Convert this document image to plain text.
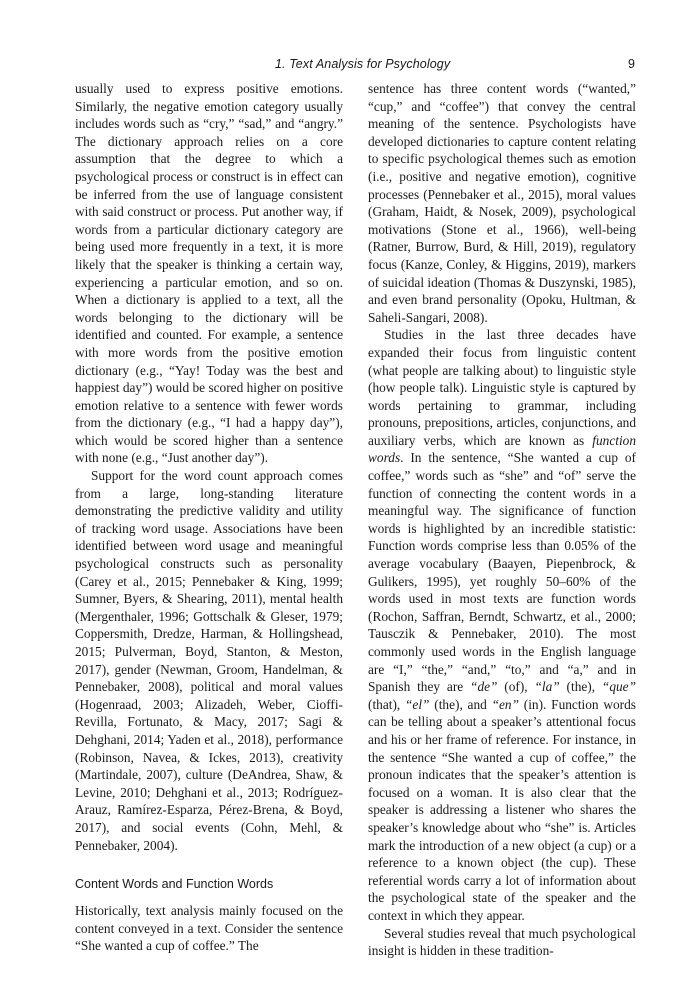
1. Text Analysis for Psychology	9

usually used to express positive emotions. Similarly, the negative emotion category usually includes words such as “cry,” “sad,” and “angry.” The dictionary approach relies on a core assumption that the degree to which a psychological process or construct is in effect can be inferred from the use of language consistent with said construct or process. Put another way, if words from a particular dictionary category are being used more frequently in a text, it is more likely that the speaker is thinking a certain way, experiencing a particular emotion, and so on. When a dictionary is applied to a text, all the words belonging to the dictionary will be identified and counted. For example, a sentence with more words from the positive emotion dictionary (e.g., “Yay! Today was the best and happiest day”) would be scored higher on positive emotion relative to a sentence with fewer words from the dictionary (e.g., “I had a happy day”), which would be scored higher than a sentence with none (e.g., “Just another day”).

Support for the word count approach comes from a large, long-standing literature demonstrating the predictive validity and utility of tracking word usage. Associations have been identified between word usage and meaningful psychological constructs such as personality (Carey et al., 2015; Pennebaker & King, 1999; Sumner, Byers, & Shearing, 2011), mental health (Mergenthaler, 1996; Gottschalk & Gleser, 1979; Coppersmith, Dredze, Harman, & Hollingshead, 2015; Pulverman, Boyd, Stanton, & Meston, 2017), gender (Newman, Groom, Handelman, & Pennebaker, 2008), political and moral values (Hogenraad, 2003; Alizadeh, Weber, Cioffi-Revilla, Fortunato, & Macy, 2017; Sagi & Dehghani, 2014; Yaden et al., 2018), performance (Robinson, Navea, & Ickes, 2013), creativity (Martindale, 2007), culture (DeAndrea, Shaw, & Levine, 2010; Dehghani et al., 2013; Rodríguez-Arauz, Ramírez-Esparza, Pérez-Brena, & Boyd, 2017), and social events (Cohn, Mehl, & Pennebaker, 2004).

Content Words and Function Words

Historically, text analysis mainly focused on the content conveyed in a text. Consider the sentence “She wanted a cup of coffee.” The

sentence has three content words (“wanted,” “cup,” and “coffee”) that convey the central meaning of the sentence. Psychologists have developed dictionaries to capture content relating to specific psychological themes such as emotion (i.e., positive and negative emotion), cognitive processes (Pennebaker et al., 2015), moral values (Graham, Haidt, & Nosek, 2009), psychological motivations (Stone et al., 1966), well-being (Ratner, Burrow, Burd, & Hill, 2019), regulatory focus (Kanze, Conley, & Higgins, 2019), markers of suicidal ideation (Thomas & Duszynski, 1985), and even brand personality (Opoku, Hultman, & Saheli-Sangari, 2008).

Studies in the last three decades have expanded their focus from linguistic content (what people are talking about) to linguistic style (how people talk). Linguistic style is captured by words pertaining to grammar, including pronouns, prepositions, articles, conjunctions, and auxiliary verbs, which are known as function words. In the sentence, “She wanted a cup of coffee,” words such as “she” and “of” serve the function of connecting the content words in a meaningful way. The significance of function words is highlighted by an incredible statistic: Function words comprise less than 0.05% of the average vocabulary (Baayen, Piepenbrock, & Gulikers, 1995), yet roughly 50–60% of the words used in most texts are function words (Rochon, Saffran, Berndt, Schwartz, et al., 2000; Tausczik & Pennebaker, 2010). The most commonly used words in the English language are “I,” “the,” “and,” “to,” and “a,” and in Spanish they are “de” (of), “la” (the), “que” (that), “el” (the), and “en” (in). Function words can be telling about a speaker’s attentional focus and his or her frame of reference. For instance, in the sentence “She wanted a cup of coffee,” the pronoun indicates that the speaker’s attention is focused on a woman. It is also clear that the speaker is addressing a listener who shares the speaker’s knowledge about who “she” is. Articles mark the introduction of a new object (a cup) or a reference to a known object (the cup). These referential words carry a lot of information about the psychological state of the speaker and the context in which they appear.

Several studies reveal that much psychological insight is hidden in these tradition-
